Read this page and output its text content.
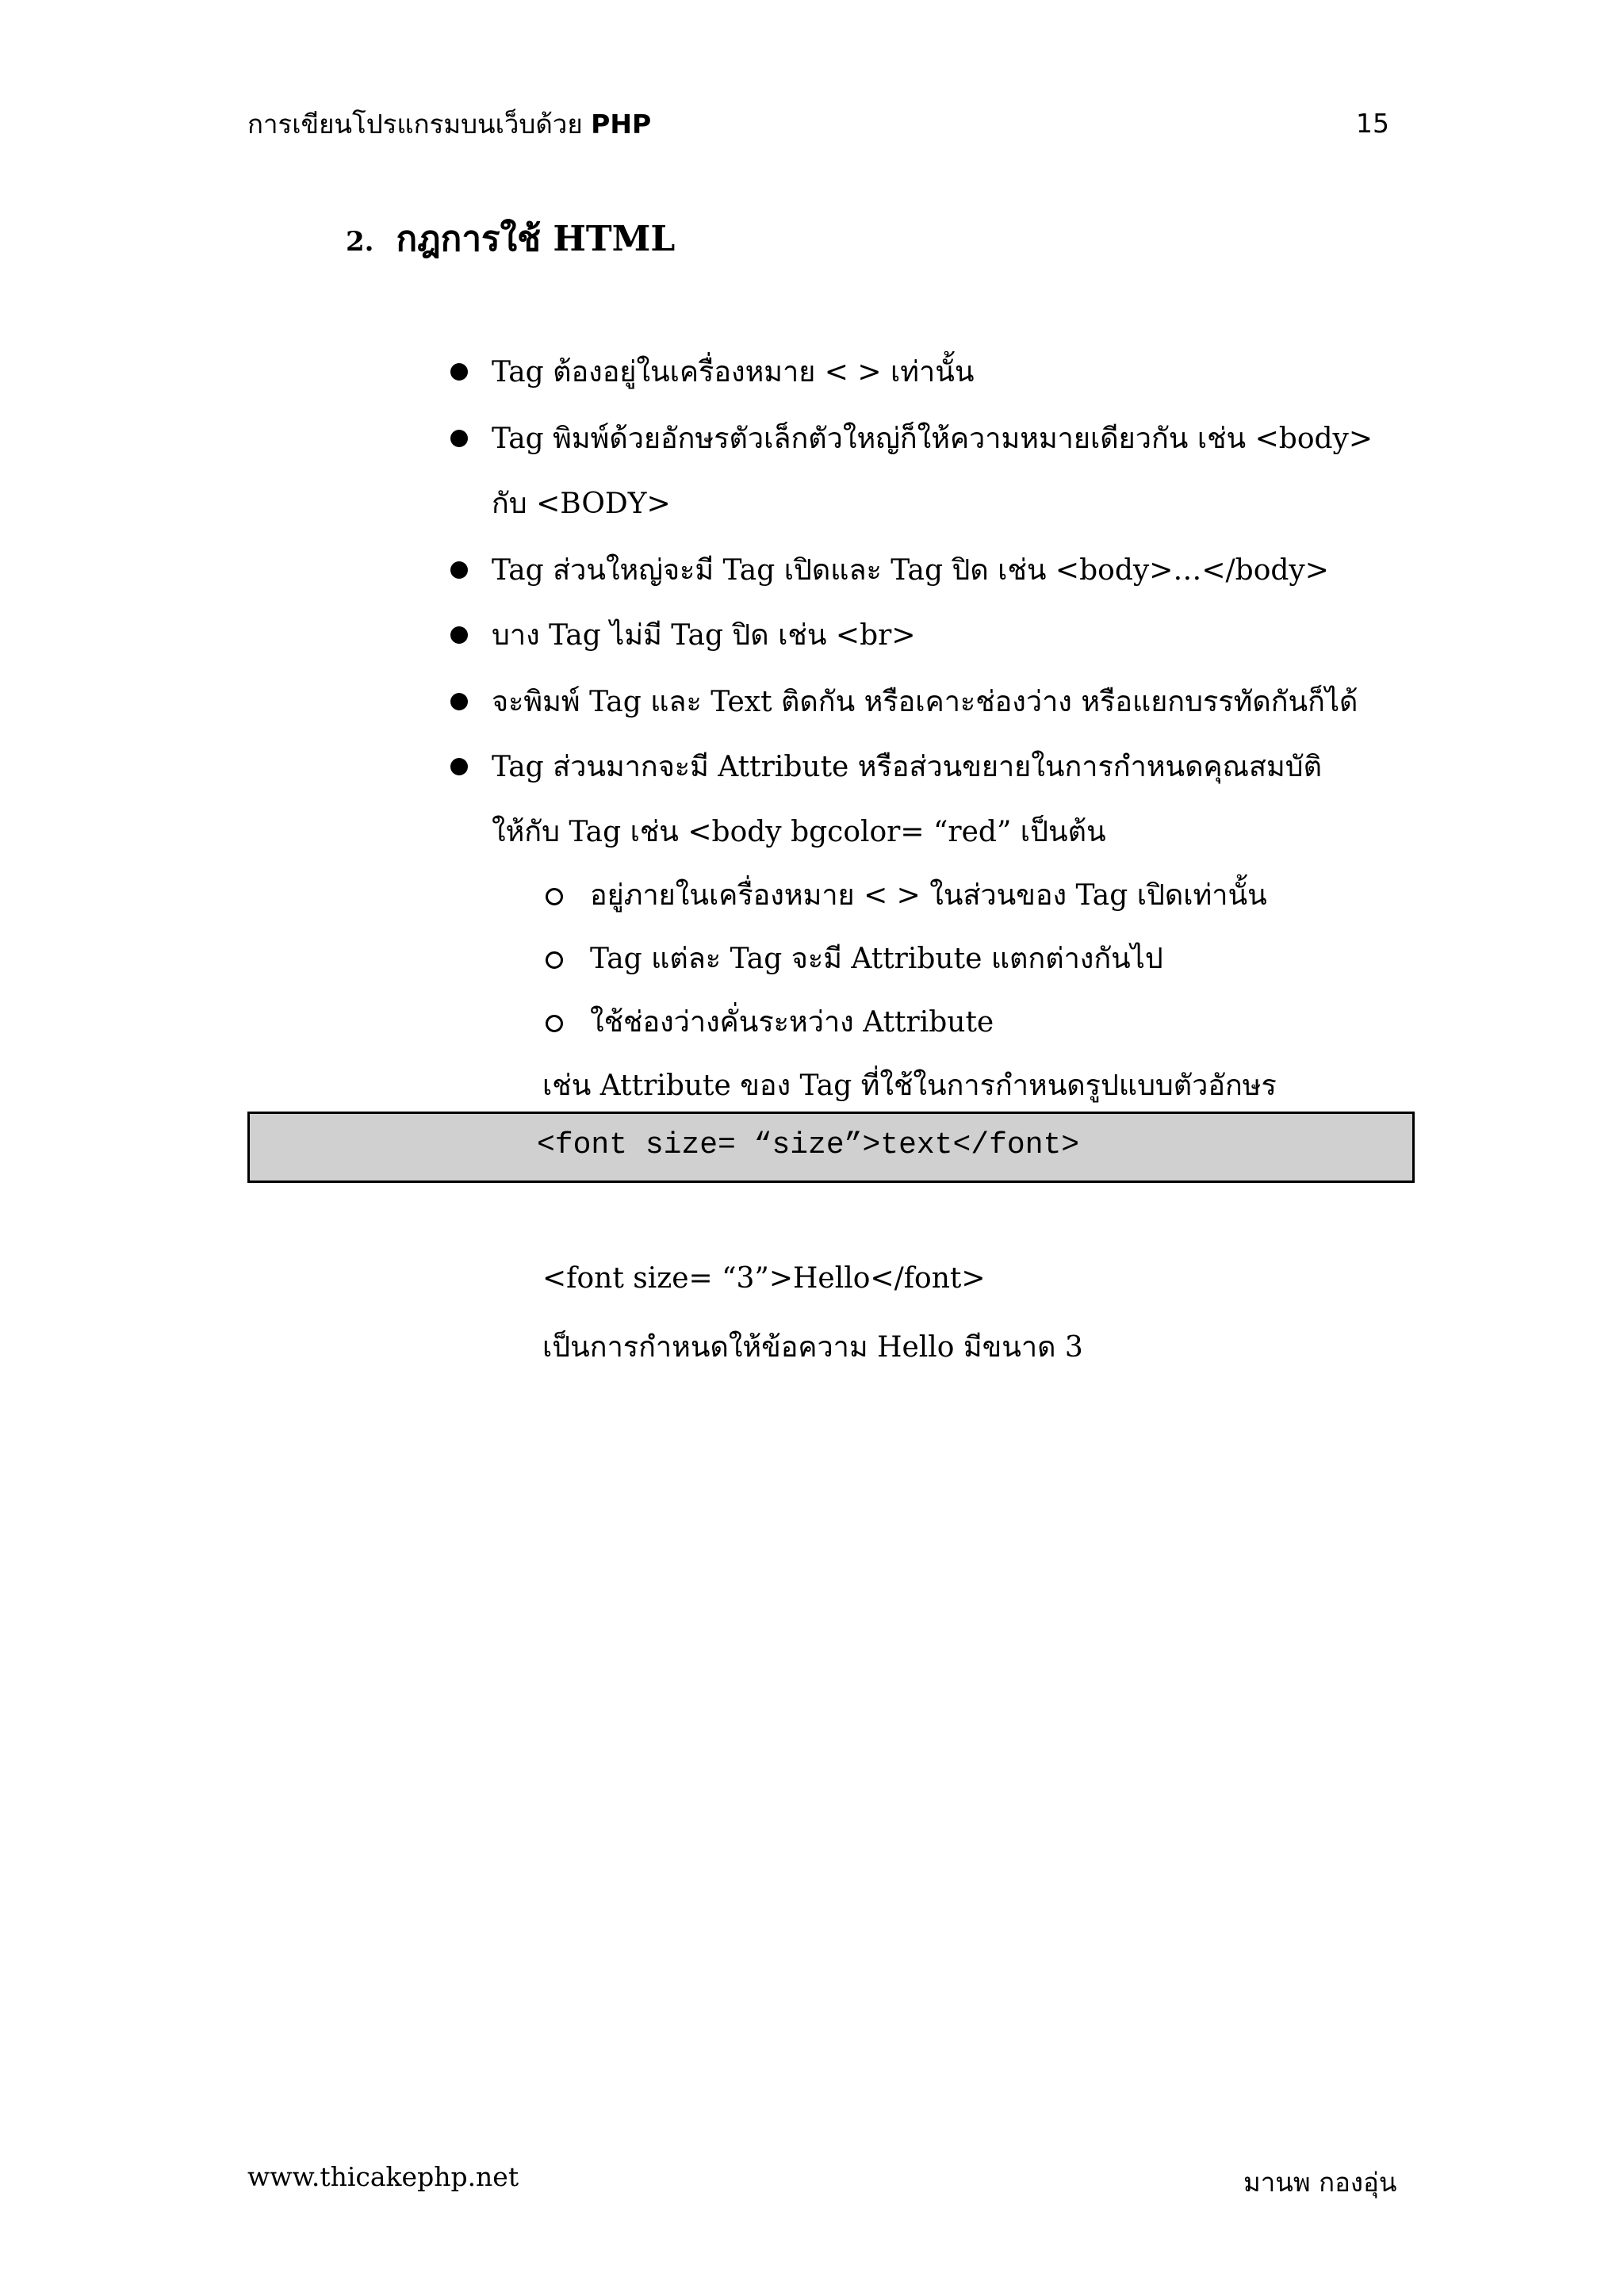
การเขียนโปรแกรมบนเว็บด้วย PHP	15
2. กฎการใช้ HTML
Tag ต้องอยู่ในเครื่องหมาย < > เท่านั้น
Tag พิมพ์ด้วยอักษรตัวเล็กตัวใหญ่ก็ให้ความหมายเดียวกัน เช่น <body>
กับ <BODY>
Tag ส่วนใหญ่จะมี Tag เปิดและ Tag ปิด เช่น <body>…</body>
บาง Tag ไม่มี Tag ปิด เช่น <br>
จะพิมพ์ Tag และ Text ติดกัน หรือเคาะช่องว่าง หรือแยกบรรทัดกันก็ได้
Tag ส่วนมากจะมี Attribute หรือส่วนขยายในการกำหนดคุณสมบัติ
ให้กับ Tag เช่น <body bgcolor= “red” เป็นต้น
อยู่ภายในเครื่องหมาย < > ในส่วนของ Tag เปิดเท่านั้น
Tag แต่ละ Tag จะมี Attribute แตกต่างกันไป
ใช้ช่องว่างคั่นระหว่าง Attribute
เช่น Attribute ของ Tag ที่ใช้ในการกำหนดรูปแบบตัวอักษร
<font size= “size”>text</font>
<font size= “3”>Hello</font>
เป็นการกำหนดให้ข้อความ Hello มีขนาด 3
www.thicakephp.net	มานพ กองอุ่น
